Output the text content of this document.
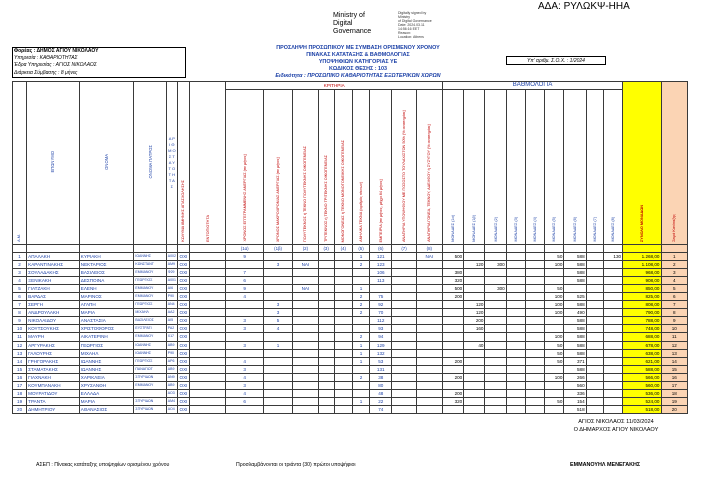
ΑΔΑ: ΡΥΛΩΚΨ-ΗΗΑ
Ministry of
Digital
Governance
Digitally signed by Ministry
of Digital Governance
Date: 2024.03.11
14:56:16 EET
Reason:
Location: Athens
Φορέας : ΔΗΜΟΣ ΑΓΙΟΥ ΝΙΚΟΛΑΟΥ
Υπηρεσία : ΚΑΘΑΡΙΟΤΗΤΑΣ
Έδρα Υπηρεσίας : ΑΓΙΟΣ ΝΙΚΟΛΑΟΣ
Διάρκεια Σύμβασης : 8 μήνες
ΠΡΟΣΛΗΨΗ ΠΡΟΣΩΠΙΚΟΥ ΜΕ ΣΥΜΒΑΣΗ ΟΡΙΣΜΕΝΟΥ ΧΡΟΝΟΥ
ΠΙΝΑΚΑΣ ΚΑΤΑΤΑΞΗΣ & ΒΑΘΜΟΛΟΓΙΑΣ
ΥΠΟΨΗΦΙΩΝ ΚΑΤΗΓΟΡΙΑΣ ΥΕ
ΚΩΔΙΚΟΣ ΘΕΣΗΣ : 103
Ειδικότητα : ΠΡΟΣΩΠΙΚΟ ΚΑΘΑΡΙΟΤΗΤΑΣ ΕΞΩΤΕΡΙΚΩΝ ΧΩΡΩΝ
Υπ' αριθμ. Σ.Ο.Χ. : 1/2024
Α.Μ.	ΕΠΩΝΥΜΟ	ΟΝΟΜΑ	ΟΝΟΜΑ ΠΑΤΡΟΣ	Α Ρ Ι Θ Μ Ο Σ Τ Α Υ Τ Ο Τ Η Τ Α Σ	ΚΩΛΥΜΑ 8ΜΗΝΗΣ ΑΠΑΣΧΟΛΗΣΗΣ	ΕΝΤΟΠΙΟΤΗΤΑ	ΚΡΙΤΗΡΙΑ									ΒΑΘΜΟΛΟΓΙΑ									ΣΥΝΟΛΟ ΜΟΝΑΔΩΝ	Σειρά Κατάταξης
							ΧΡΟΝΟΣ ΕΓΓΕΓΡΑΜΜΕΝΗΣ ΑΝΕΡΓΙΑΣ (σε μήνες)	ΧΡΟΝΟΣ ΜΑΚΡΟΧΡΟΝΙΑΣ ΑΝΕΡΓΙΑΣ (σε μήνες)	ΠΟΛΥΤΕΚΝΟΣ ή ΤΕΚΝΟ ΠΟΛΥΤΕΚΝΗΣ ΟΙΚΟΓΕΝΕΙΑΣ	ΤΡΙΤΕΚΝΟΣ ή ΤΕΚΝΟ ΤΡΙΤΕΚΝΗΣ ΟΙΚΟΓΕΝΕΙΑΣ	ΜΟΝΟΓΟΝΕΑΣ ή ΤΕΚΝΟ ΜΟΝΟΓΟΝΕΙΚΗΣ ΟΙΚΟΓΕΝΕΙΑΣ	ΑΝΗΛΙΚΑ ΤΕΚΝΑ (αριθμός τέκνων)	ΕΜΠΕΙΡΙΑ (σε μήνες, μέχρι 84 μήνες)	ΑΝΑΠΗΡΙΑ ΥΠΟΨΗΦΙΟΥ ΜΕ ΠΟΣΟΣΤΟ ΤΟΥΛΑΧΙΣΤΟΝ 50% (% αναπηρίας)	ΑΝΑΠΗΡΙΑ ΓΟΝΕΑ, ΤΕΚΝΟΥ, ΑΔΕΛΦΟΥ ή ΣΥΖΥΓΟΥ (% αναπηρίας)	ΜΟΝΑΔΕΣ (1α)	ΜΟΝΑΔΕΣ (1β)	ΜΟΝΑΔΕΣ (2)	ΜΟΝΑΔΕΣ (3)	ΜΟΝΑΔΕΣ (4)	ΜΟΝΑΔΕΣ (5)	ΜΟΝΑΔΕΣ (6)	ΜΟΝΑΔΕΣ (7)	ΜΟΝΑΔΕΣ (8)		
							(1α)	(1β)	(2)	(3)	(4)	(5)	(6)	(7)	(8)											
1	ΑΠΑΛΑΚΗ	ΚΥΡΙΑΚΗ	ΙΩΑΝΝΗΣ	Α002	ΟΧΙ		9					1	121		ΝΑΙ	500					50	588		130	1.268,00	1
2	ΚΑΡΑΝΤΙΝΑΚΗΣ	ΝΕΚΤΑΡΙΟΣ	ΚΩΝΣΤΑΝΤ	ΑΜ9	ΟΧΙ			3	ΝΑΙ			2	123				120	300			100	588			1.108,00	2
3	ΣΟΥΛΑΔΑΚΗΣ	ΒΑΣΙΛΕΙΟΣ	ΕΜΜΑΝΟΥ	Φ29	ΟΧΙ		7						106			380						588			968,00	3
4	ΞΕΝΙΚΑΚΗ	ΔΕΣΠΟΙΝΑ	ΓΕΩΡΓΙΟΣ	Α001	ΟΧΙ		6						113			320						588			908,00	4
5	ΓΙΑΤΖΑΚΗ	ΕΛΕΝΗ	ΕΜΜΑΝΟΥ	ΑΙ6	ΟΧΙ		9		ΝΑΙ			1				500		300			50				850,00	5
6	ΒΑΡΔΑΣ	ΜΑΡΙΝΟΣ	ΕΜΜΑΝΟΥ	Ρ90	ΟΧΙ		4					2	75			200					100	525			825,00	6
7	ΣΕΡΓΗ	ΑΓΑΠΗ	ΓΕΩΡΓΙΟΣ	ΑΝ4	ΟΧΙ			3				2	92				120				100	588			808,00	7
8	ΑΝΔΡΟΥΛΑΚΗ	ΜΑΡΙΑ	ΜΙΧΑΗΛ	ΑΑ2	ΟΧΙ			3				2	70				120				100	490			790,00	8
9	ΝΙΚΟΛΑΙΔΟΥ	ΑΝΑΣΤΑΣΙΑ	ΒΑΣΙΛΕΙΟΣ	ΑΙ5	ΟΧΙ		3	5					112				200					588			788,00	9
10	ΚΟΥΤΣΟΥΚΗΣ	ΧΡΙΣΤΟΦΟΡΟΣ	ΕΥΣΤΡΑΤΙ	ΡΑ2	ΟΧΙ		3	4					93				160					588			748,00	10
11	ΜΑΥΡΗ	ΑΙΚΑΤΕΡΙΝΗ	ΕΜΜΑΝΟΥ	Χ17	ΟΧΙ							2	94								100	588			688,00	11
12	ΑΡΓΥΡΑΚΗΣ	ΓΕΩΡΓΙΟΣ	ΙΩΑΝΝΗΣ	ΑΒ9	ΟΧΙ		3	1				1	129				40				50	588			678,00	12
13	ΓΑΛΟΥΡΗΣ	ΜΙΧΑΗΛ	ΙΩΑΝΝΗΣ	Ρ90	ΟΧΙ							1	132								50	588			638,00	13
14	ΓΡΗΓΟΡΑΚΗΣ	ΙΩΑΝΝΗΣ	ΓΕΩΡΓΙΟΣ	ΑΡ6	ΟΧΙ		4					1	53			200					50	371			621,00	14
15	ΣΤΑΜΑΤΑΚΗΣ	ΙΩΑΝΝΗΣ	ΠΑΝΑΓΙΩΤ	ΑΒ9	ΟΧΙ		3						131									588			588,00	15
16	ΓΙΑΧΝΑΚΗ	ΧΑΡΙΚΛΕΙΑ	ΣΠΥΡΙΔΩΝ	ΑΝ9	ΟΧΙ		4					2	38			200					100	266			566,00	16
17	ΚΟΥΜΠΑΝΑΚΗ	ΧΡΥΣΑΝΘΗ	ΕΜΜΑΝΟΥ	ΑΒ9	ΟΧΙ		3						80									560			560,00	17
18	ΜΟΥΡΑΤΙΔΟΥ	ΕΛΛΑΔΑ		ΑΟ3	ΟΧΙ		4						48			200						336			536,00	18
19	ΤΡΑΝΤΑ	ΜΑΡΙΑ	ΣΠΥΡΙΔΩΝ	ΑΜ4	ΟΧΙ		6					1	22			320					50	154			524,00	19
20	ΔΗΜΗΤΡΙΟΥ	ΑΘΑΝΑΣΙΟΣ	ΣΠΥΡΙΔΩΝ	ΑΟ4	ΟΧΙ								74									518			518,00	20
ΑΓΙΟΣ ΝΙΚΟΛΑΟΣ 11/03/2024
Ο ΔΗΜΑΡΧΟΣ ΑΓΙΟΥ ΝΙΚΟΛΑΟΥ
ΑΣΕΠ : Πίνακας κατάταξης υποψηφίων ορισμένου χρόνου	Προσλαμβάνονται οι τριάντα (30) πρώτοι υποψήφιοι	ΕΜΜΑΝΟΥΗΛ ΜΕΝΕΓΑΚΗΣ
